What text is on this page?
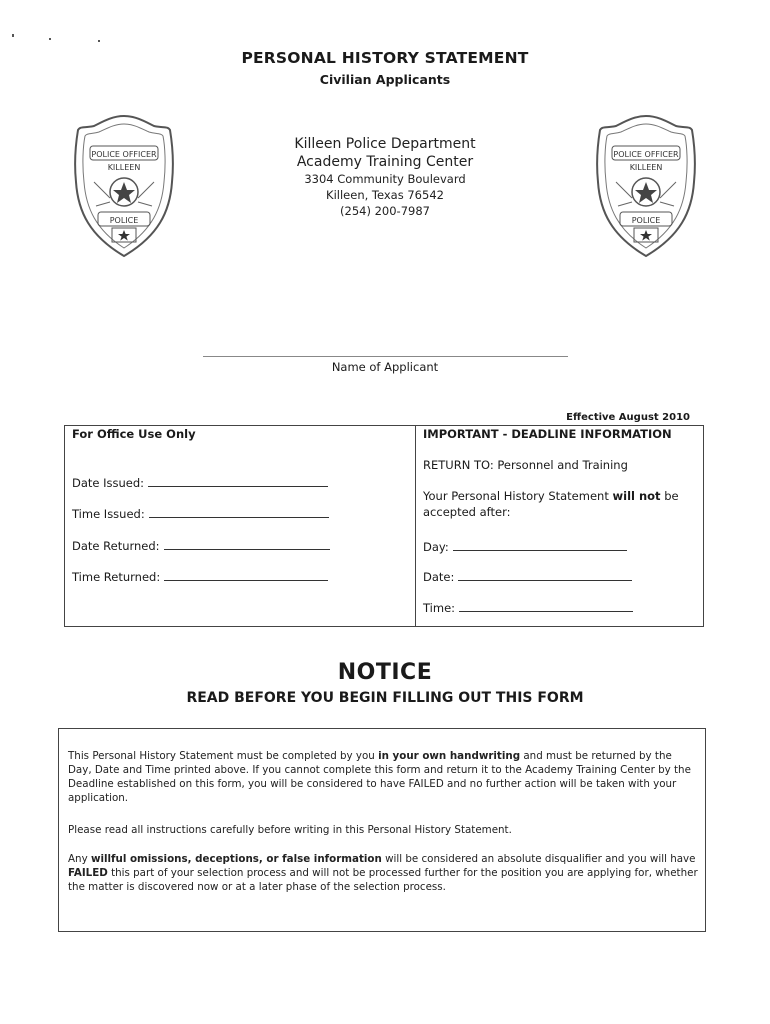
PERSONAL HISTORY STATEMENT
Civilian Applicants
POLICE OFFICER
KILLEEN
POLICE
POLICE OFFICER
KILLEEN
POLICE
Killeen Police Department
Academy Training Center
3304 Community Boulevard
Killeen, Texas 76542
(254) 200-7987
Name of Applicant
Effective August 2010
For Office Use Only
Date Issued:
Time Issued:
Date Returned:
Time Returned:
IMPORTANT - DEADLINE INFORMATION
RETURN TO: Personnel and Training
Your Personal History Statement will not be accepted after:
Day:
Date:
Time:
NOTICE
READ BEFORE YOU BEGIN FILLING OUT THIS FORM

This Personal History Statement must be completed by you in your own handwriting and must be returned by the Day, Date and Time printed above. If you cannot complete this form and return it to the Academy Training Center by the Deadline established on this form, you will be considered to have FAILED and no further action will be taken with your application.

Please read all instructions carefully before writing in this Personal History Statement.

Any willful omissions, deceptions, or false information will be considered an absolute disqualifier and you will have FAILED this part of your selection process and will not be processed further for the position you are applying for, whether the matter is discovered now or at a later phase of the selection process.
